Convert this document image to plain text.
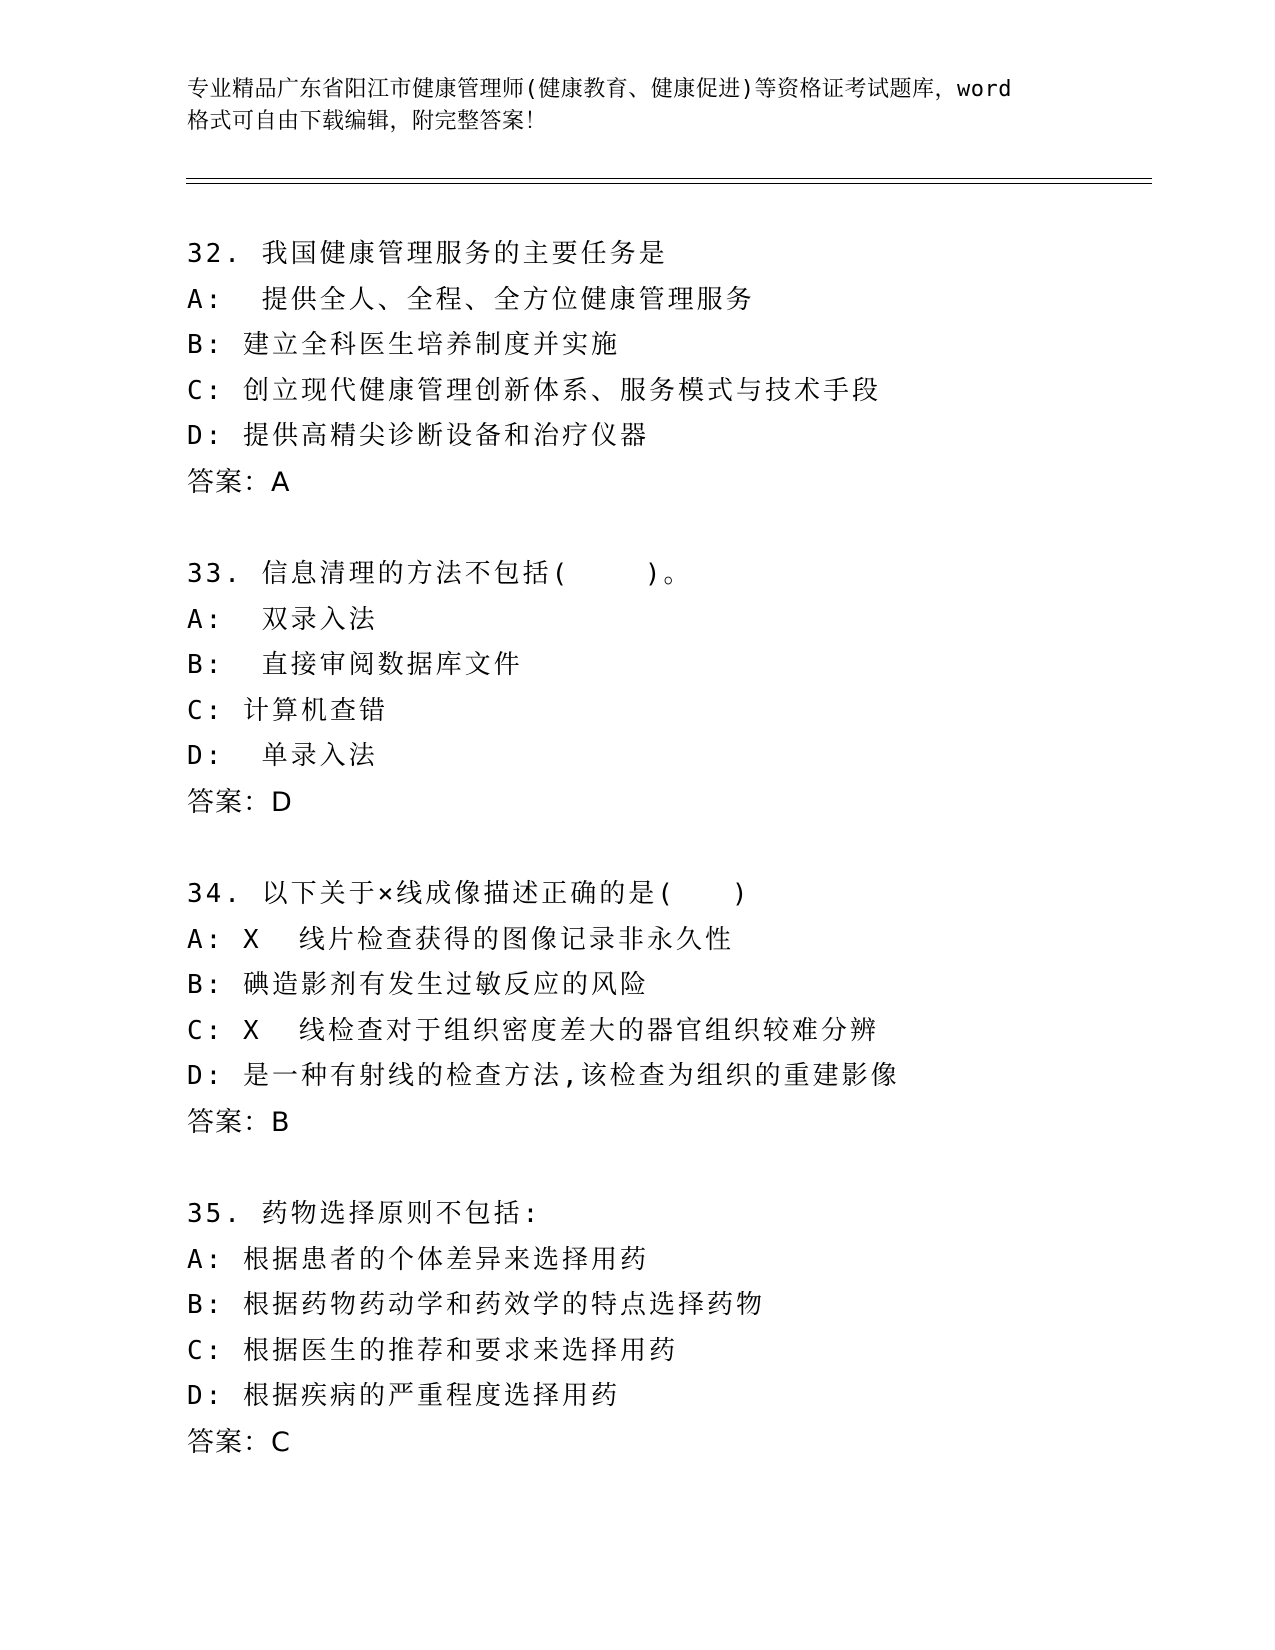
专业精品广东省阳江市健康管理师(健康教育、健康促进)等资格证考试题库，word
格式可自由下载编辑，附完整答案！
32. 我国健康管理服务的主要任务是
A:  提供全人、全程、全方位健康管理服务
B: 建立全科医生培养制度并实施
C: 创立现代健康管理创新体系、服务模式与技术手段
D: 提供高精尖诊断设备和治疗仪器
答案：A
33. 信息清理的方法不包括(    )。
A:  双录入法
B:  直接审阅数据库文件
C: 计算机查错
D:  单录入法
答案：D
34. 以下关于×线成像描述正确的是(   )
A: X  线片检查获得的图像记录非永久性
B: 碘造影剂有发生过敏反应的风险
C: X  线检查对于组织密度差大的器官组织较难分辨
D: 是一种有射线的检查方法,该检查为组织的重建影像
答案：B
35. 药物选择原则不包括:
A: 根据患者的个体差异来选择用药
B: 根据药物药动学和药效学的特点选择药物
C: 根据医生的推荐和要求来选择用药
D: 根据疾病的严重程度选择用药
答案：C
